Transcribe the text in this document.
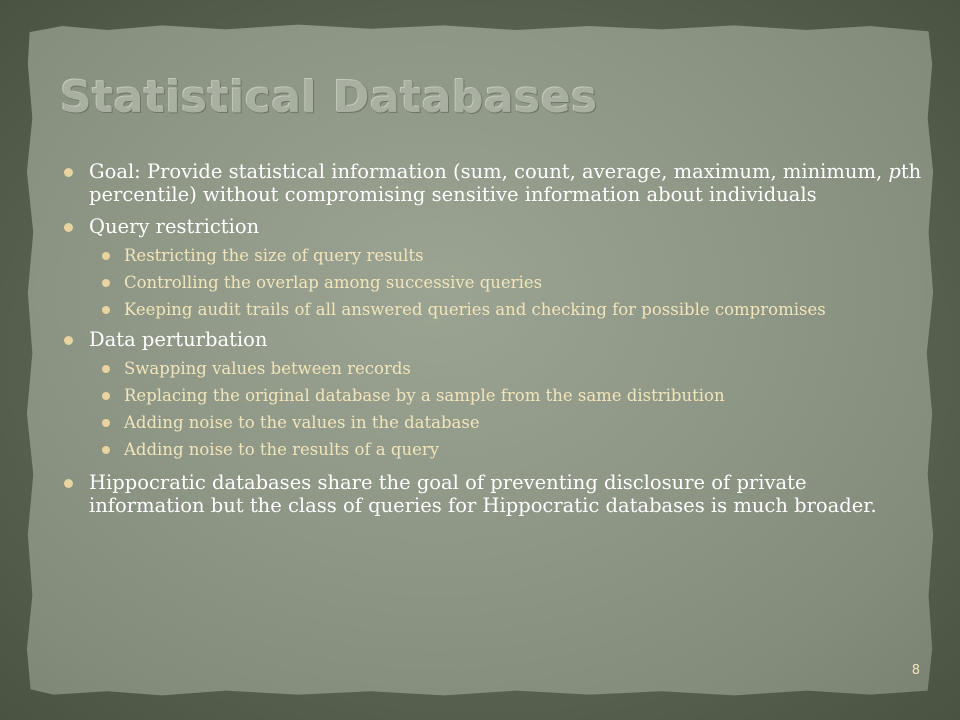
Statistical Databases
Goal: Provide statistical information (sum, count, average, maximum, minimum, pth percentile) without compromising sensitive information about individuals
Query restriction
Restricting the size of query results
Controlling the overlap among successive queries
Keeping audit trails of all answered queries and checking for possible compromises
Data perturbation
Swapping values between records
Replacing the original database by a sample from the same distribution
Adding noise to the values in the database
Adding noise to the results of a query
Hippocratic databases share the goal of preventing disclosure of private information but the class of queries for Hippocratic databases is much broader.
8
